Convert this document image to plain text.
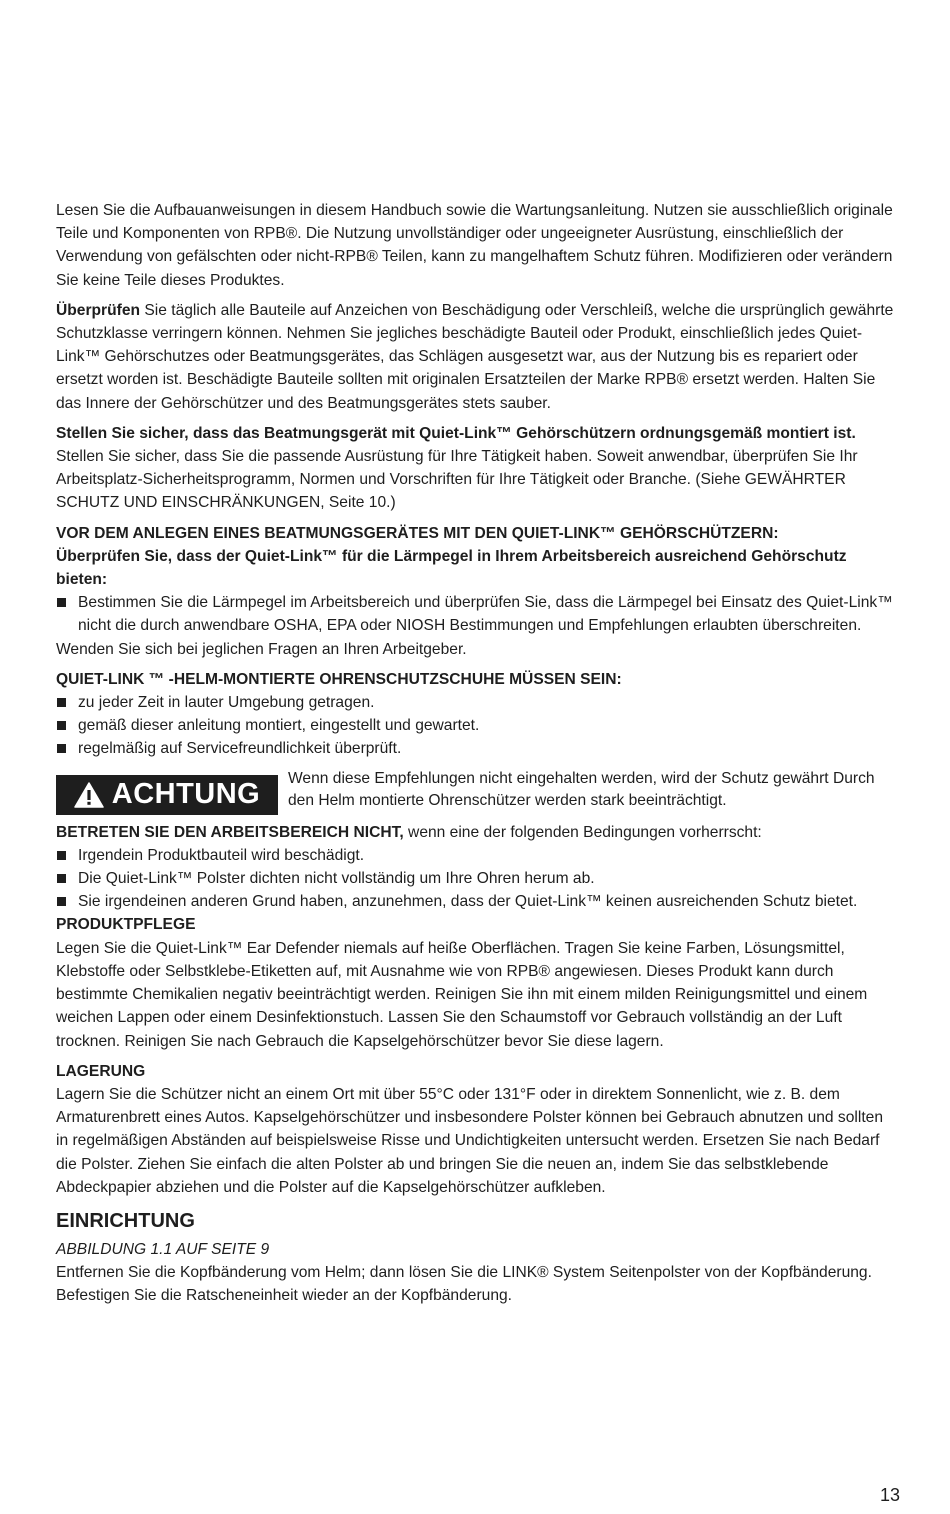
Lesen Sie die Aufbauanweisungen in diesem Handbuch sowie die Wartungsanleitung. Nutzen sie ausschließlich originale Teile und Komponenten von RPB®. Die Nutzung unvollständiger oder ungeeigneter Ausrüstung, einschließlich der Verwendung von gefälschten oder nicht-RPB® Teilen, kann zu mangelhaftem Schutz führen. Modifizieren oder verändern Sie keine Teile dieses Produktes.

Überprüfen Sie täglich alle Bauteile auf Anzeichen von Beschädigung oder Verschleiß, welche die ursprünglich gewährte Schutzklasse verringern können. Nehmen Sie jegliches beschädigte Bauteil oder Produkt, einschließlich jedes Quiet-Link™ Gehörschutzes oder Beatmungsgerätes, das Schlägen ausgesetzt war, aus der Nutzung bis es repariert oder ersetzt worden ist. Beschädigte Bauteile sollten mit originalen Ersatzteilen der Marke RPB® ersetzt werden. Halten Sie das Innere der Gehörschützer und des Beatmungsgerätes stets sauber.

Stellen Sie sicher, dass das Beatmungsgerät mit Quiet-Link™ Gehörschützern ordnungsgemäß montiert ist.

Stellen Sie sicher, dass Sie die passende Ausrüstung für Ihre Tätigkeit haben. Soweit anwendbar, überprüfen Sie Ihr Arbeitsplatz-Sicherheitsprogramm, Normen und Vorschriften für Ihre Tätigkeit oder Branche. (Siehe GEWÄHRTER SCHUTZ UND EINSCHRÄNKUNGEN, Seite 10.)

VOR DEM ANLEGEN EINES BEATMUNGSGERÄTES MIT DEN QUIET-LINK™ GEHÖRSCHÜTZERN:

Überprüfen Sie, dass der Quiet-Link™ für die Lärmpegel in Ihrem Arbeitsbereich ausreichend Gehörschutz bieten:

Bestimmen Sie die Lärmpegel im Arbeitsbereich und überprüfen Sie, dass die Lärmpegel bei Einsatz des Quiet-Link™ nicht die durch anwendbare OSHA, EPA oder NIOSH Bestimmungen und Empfehlungen erlaubten überschreiten.

Wenden Sie sich bei jeglichen Fragen an Ihren Arbeitgeber.

QUIET-LINK ™ -HELM-MONTIERTE OHRENSCHUTZSCHUHE MÜSSEN SEIN:

zu jeder Zeit in lauter Umgebung getragen.
gemäß dieser anleitung montiert, eingestellt und gewartet.
regelmäßig auf Servicefreundlichkeit überprüft.
ACHTUNG Wenn diese Empfehlungen nicht eingehalten werden, wird der Schutz gewährt Durch den Helm montierte Ohrenschützer werden stark beeinträchtigt.

BETRETEN SIE DEN ARBEITSBEREICH NICHT, wenn eine der folgenden Bedingungen vorherrscht:

Irgendein Produktbauteil wird beschädigt.
Die Quiet-Link™ Polster dichten nicht vollständig um Ihre Ohren herum ab.
Sie irgendeinen anderen Grund haben, anzunehmen, dass der Quiet-Link™ keinen ausreichenden Schutz bietet.

PRODUKTPFLEGE

Legen Sie die Quiet-Link™ Ear Defender niemals auf heiße Oberflächen. Tragen Sie keine Farben, Lösungsmittel, Klebstoffe oder Selbstklebe-Etiketten auf, mit Ausnahme wie von RPB® angewiesen. Dieses Produkt kann durch bestimmte Chemikalien negativ beeinträchtigt werden. Reinigen Sie ihn mit einem milden Reinigungsmittel und einem weichen Lappen oder einem Desinfektionstuch. Lassen Sie den Schaumstoff vor Gebrauch vollständig an der Luft trocknen. Reinigen Sie nach Gebrauch die Kapselgehörschützer bevor Sie diese lagern.

LAGERUNG

Lagern Sie die Schützer nicht an einem Ort mit über 55°C oder 131°F oder in direktem Sonnenlicht, wie z. B. dem Armaturenbrett eines Autos. Kapselgehörschützer und insbesondere Polster können bei Gebrauch abnutzen und sollten in regelmäßigen Abständen auf beispielsweise Risse und Undichtigkeiten untersucht werden. Ersetzen Sie nach Bedarf die Polster. Ziehen Sie einfach die alten Polster ab und bringen Sie die neuen an, indem Sie das selbstklebende Abdeckpapier abziehen und die Polster auf die Kapselgehörschützer aufkleben.

EINRICHTUNG

ABBILDUNG 1.1 AUF SEITE 9

Entfernen Sie die Kopfbänderung vom Helm; dann lösen Sie die LINK® System Seitenpolster von der Kopfbänderung. Befestigen Sie die Ratscheneinheit wieder an der Kopfbänderung.

13
